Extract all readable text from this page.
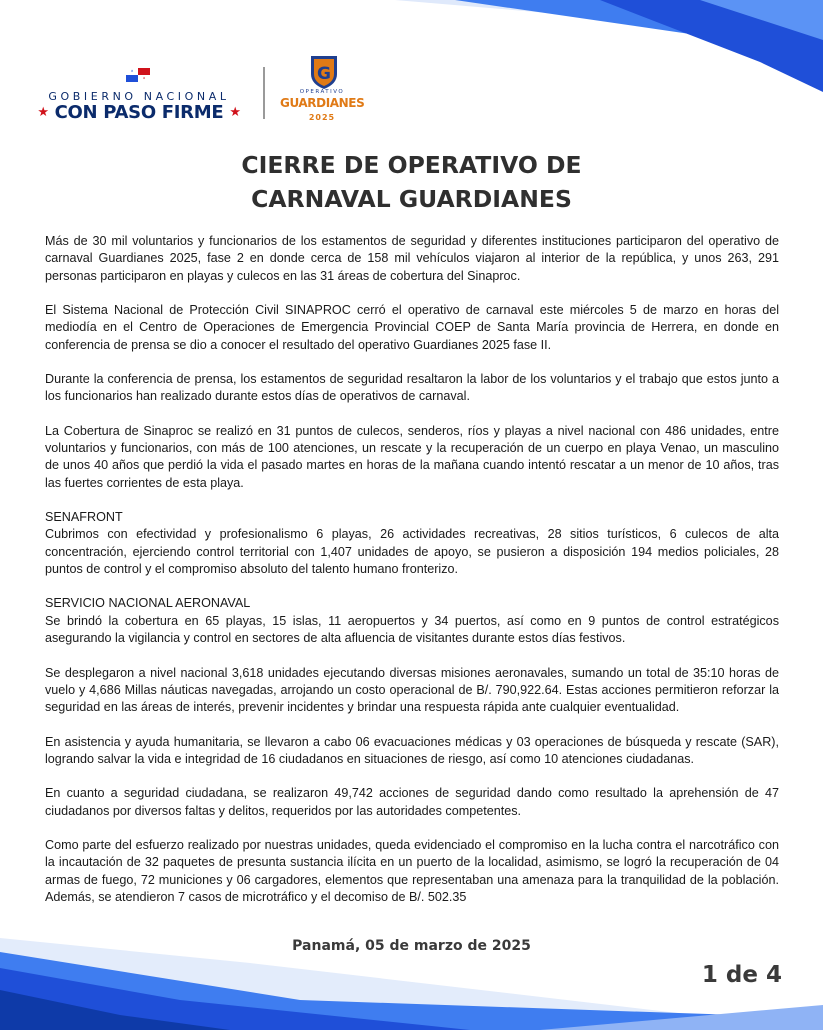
GOBIERNO NACIONAL
★ CON PASO FIRME ★
G
OPERATIVO
GUARDIANES
2025
CIERRE DE OPERATIVO DE
CARNAVAL GUARDIANES

Más de 30 mil voluntarios y funcionarios de los estamentos de seguridad y diferentes instituciones participaron del operativo de carnaval Guardianes 2025, fase 2 en donde cerca de 158 mil vehículos viajaron al interior de la república, y unos 263, 291 personas participaron en playas y culecos en las 31 áreas de cobertura del Sinaproc.

El Sistema Nacional de Protección Civil SINAPROC cerró el operativo de carnaval este miércoles 5 de marzo en horas del mediodía en el Centro de Operaciones de Emergencia Provincial COEP de Santa María provincia de Herrera, en donde en conferencia de prensa se dio a conocer el resultado del operativo Guardianes 2025 fase II.

Durante la conferencia de prensa, los estamentos de seguridad resaltaron la labor de los voluntarios y el trabajo que estos junto a los funcionarios han realizado durante estos días de operativos de carnaval.

La Cobertura de Sinaproc se realizó en 31 puntos de culecos, senderos, ríos y playas a nivel nacional con 486 unidades, entre voluntarios y funcionarios, con más de 100 atenciones, un rescate y la recuperación de un cuerpo en playa Venao, un masculino de unos 40 años que perdió la vida el pasado martes en horas de la mañana cuando intentó rescatar a un menor de 10 años, tras las fuertes corrientes de esta playa.

SENAFRONT

Cubrimos con efectividad y profesionalismo 6 playas, 26 actividades recreativas, 28 sitios turísticos, 6 culecos de alta concentración, ejerciendo control territorial con 1,407 unidades de apoyo, se pusieron a disposición 194 medios policiales, 28 puntos de control y el compromiso absoluto del talento humano fronterizo.

SERVICIO NACIONAL AERONAVAL

Se brindó la cobertura en 65 playas, 15 islas, 11 aeropuertos y 34 puertos, así como en 9 puntos de control estratégicos asegurando la vigilancia y control en sectores de alta afluencia de visitantes durante estos días festivos.

Se desplegaron a nivel nacional 3,618 unidades ejecutando diversas misiones aeronavales, sumando un total de 35:10 horas de vuelo y 4,686 Millas náuticas navegadas, arrojando un costo operacional de B/. 790,922.64. Estas acciones permitieron reforzar la seguridad en las áreas de interés, prevenir incidentes y brindar una respuesta rápida ante cualquier eventualidad.

En asistencia y ayuda humanitaria, se llevaron a cabo 06 evacuaciones médicas y 03 operaciones de búsqueda y rescate (SAR), logrando salvar la vida e integridad de 16 ciudadanos en situaciones de riesgo, así como 10 atenciones ciudadanas.

En cuanto a seguridad ciudadana, se realizaron 49,742 acciones de seguridad dando como resultado la aprehensión de 47 ciudadanos por diversos faltas y delitos, requeridos por las autoridades competentes.

Como parte del esfuerzo realizado por nuestras unidades, queda evidenciado el compromiso en la lucha contra el narcotráfico con la incautación de 32 paquetes de presunta sustancia ilícita en un puerto de la localidad, asimismo, se logró la recuperación de 04 armas de fuego, 72 municiones y 06 cargadores, elementos que representaban una amenaza para la tranquilidad de la población. Además, se atendieron 7 casos de microtráfico y el decomiso de B/. 502.35

Panamá, 05 de marzo de 2025
1 de 4
